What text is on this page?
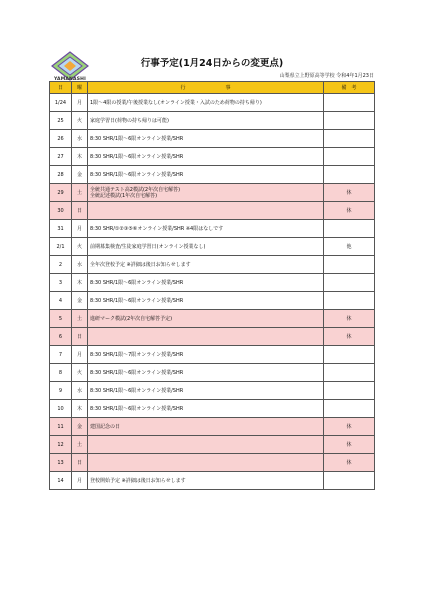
YAMANASHI
行事予定(1月24日からの変更点)
山梨県立上野原高等学校 令和4年1月23日
日	曜	行　　　　　　　　事	備　考
1/24	月	1限～4限の授業/午後授業なし(オンライン授業・入試のため荷物の持ち帰り)	

25	火	家庭学習日(荷物の持ち帰りは可能)	

26	水	8:30 SHR/1限～6限オンライン授業/SHR	

27	木	8:30 SHR/1限～6限オンライン授業/SHR	

28	金	8:30 SHR/1限～6限オンライン授業/SHR	

29	土	全統共通テスト高2模試(2年次自宅解答)
全統記述模試(1年次自宅解答)	休
30	日		休
31	月	8:30 SHR/①②③⑤⑥オンライン授業/SHR ※4限はなしです	

2/1	火	前期募集検査/生徒家庭学習日(オンライン授業なし)	他
2	水	全年次登校予定 ※詳細は後日お知らせします	

3	木	8:30 SHR/1限～6限オンライン授業/SHR	

4	金	8:30 SHR/1限～6限オンライン授業/SHR	

5	土	進研マーク模試(2年次自宅解答予定)	休
6	日		休
7	月	8:30 SHR/1限～7限オンライン授業/SHR	

8	火	8:30 SHR/1限～6限オンライン授業/SHR	

9	水	8:30 SHR/1限～6限オンライン授業/SHR	

10	木	8:30 SHR/1限～6限オンライン授業/SHR	

11	金	建国記念の日	休
12	土		休
13	日		休
14	月	登校開始予定 ※詳細は後日お知らせします	
